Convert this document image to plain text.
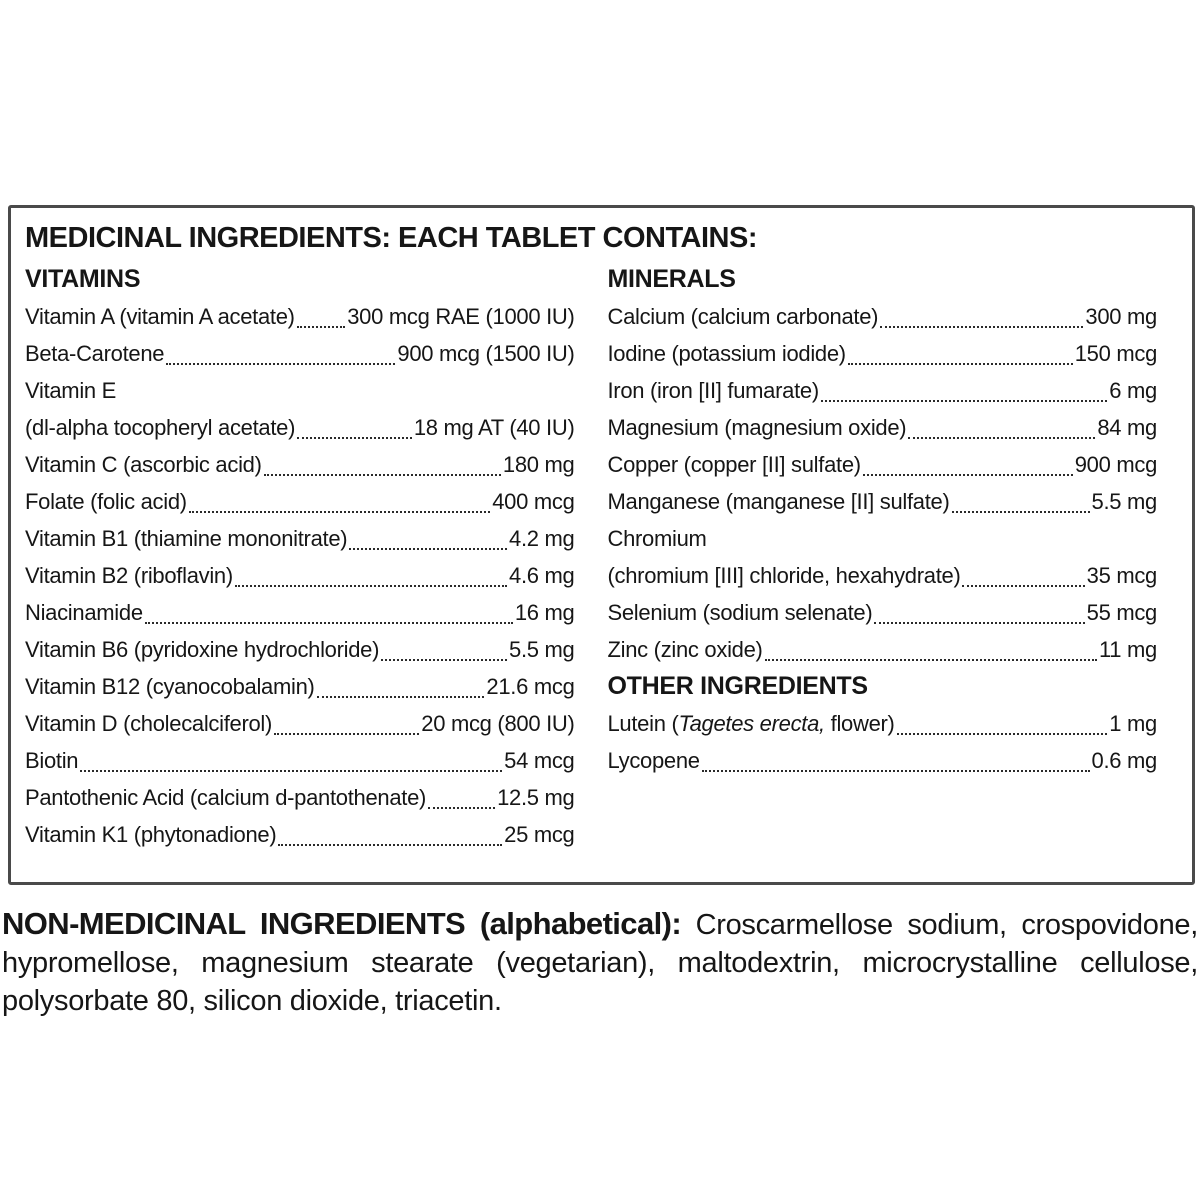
MEDICINAL INGREDIENTS: EACH TABLET CONTAINS:
VITAMINS
Vitamin A (vitamin A acetate) 300 mcg RAE (1000 IU)
Beta-Carotene	900 mcg (1500 IU)
Vitamin E
(dl-alpha tocopheryl acetate)	18 mg AT (40 IU)
Vitamin C (ascorbic acid)	180 mg
Folate (folic acid)	400 mcg
Vitamin B1 (thiamine mononitrate)	4.2 mg
Vitamin B2 (riboflavin)	4.6 mg
Niacinamide	16 mg
Vitamin B6 (pyridoxine hydrochloride)	5.5 mg
Vitamin B12 (cyanocobalamin)	21.6 mcg
Vitamin D (cholecalciferol)	20 mcg (800 IU)
Biotin	54 mcg
Pantothenic Acid (calcium d-pantothenate)	12.5 mg
Vitamin K1 (phytonadione)	25 mcg
MINERALS
Calcium (calcium carbonate)	300 mg
Iodine (potassium iodide)	150 mcg
Iron (iron [II] fumarate)	6 mg
Magnesium (magnesium oxide)	84 mg
Copper (copper [II] sulfate)	900 mcg
Manganese (manganese [II] sulfate)	5.5 mg
Chromium
(chromium [III] chloride, hexahydrate)	35 mcg
Selenium (sodium selenate)	55 mcg
Zinc (zinc oxide)	11 mg
OTHER INGREDIENTS
Lutein (Tagetes erecta, flower)	1 mg
Lycopene	0.6 mg
NON-MEDICINAL INGREDIENTS (alphabetical): Croscarmellose sodium, crospovidone, hypromellose, magnesium stearate (vegetarian), maltodextrin, microcrystalline cellulose, polysorbate 80, silicon dioxide, triacetin.
